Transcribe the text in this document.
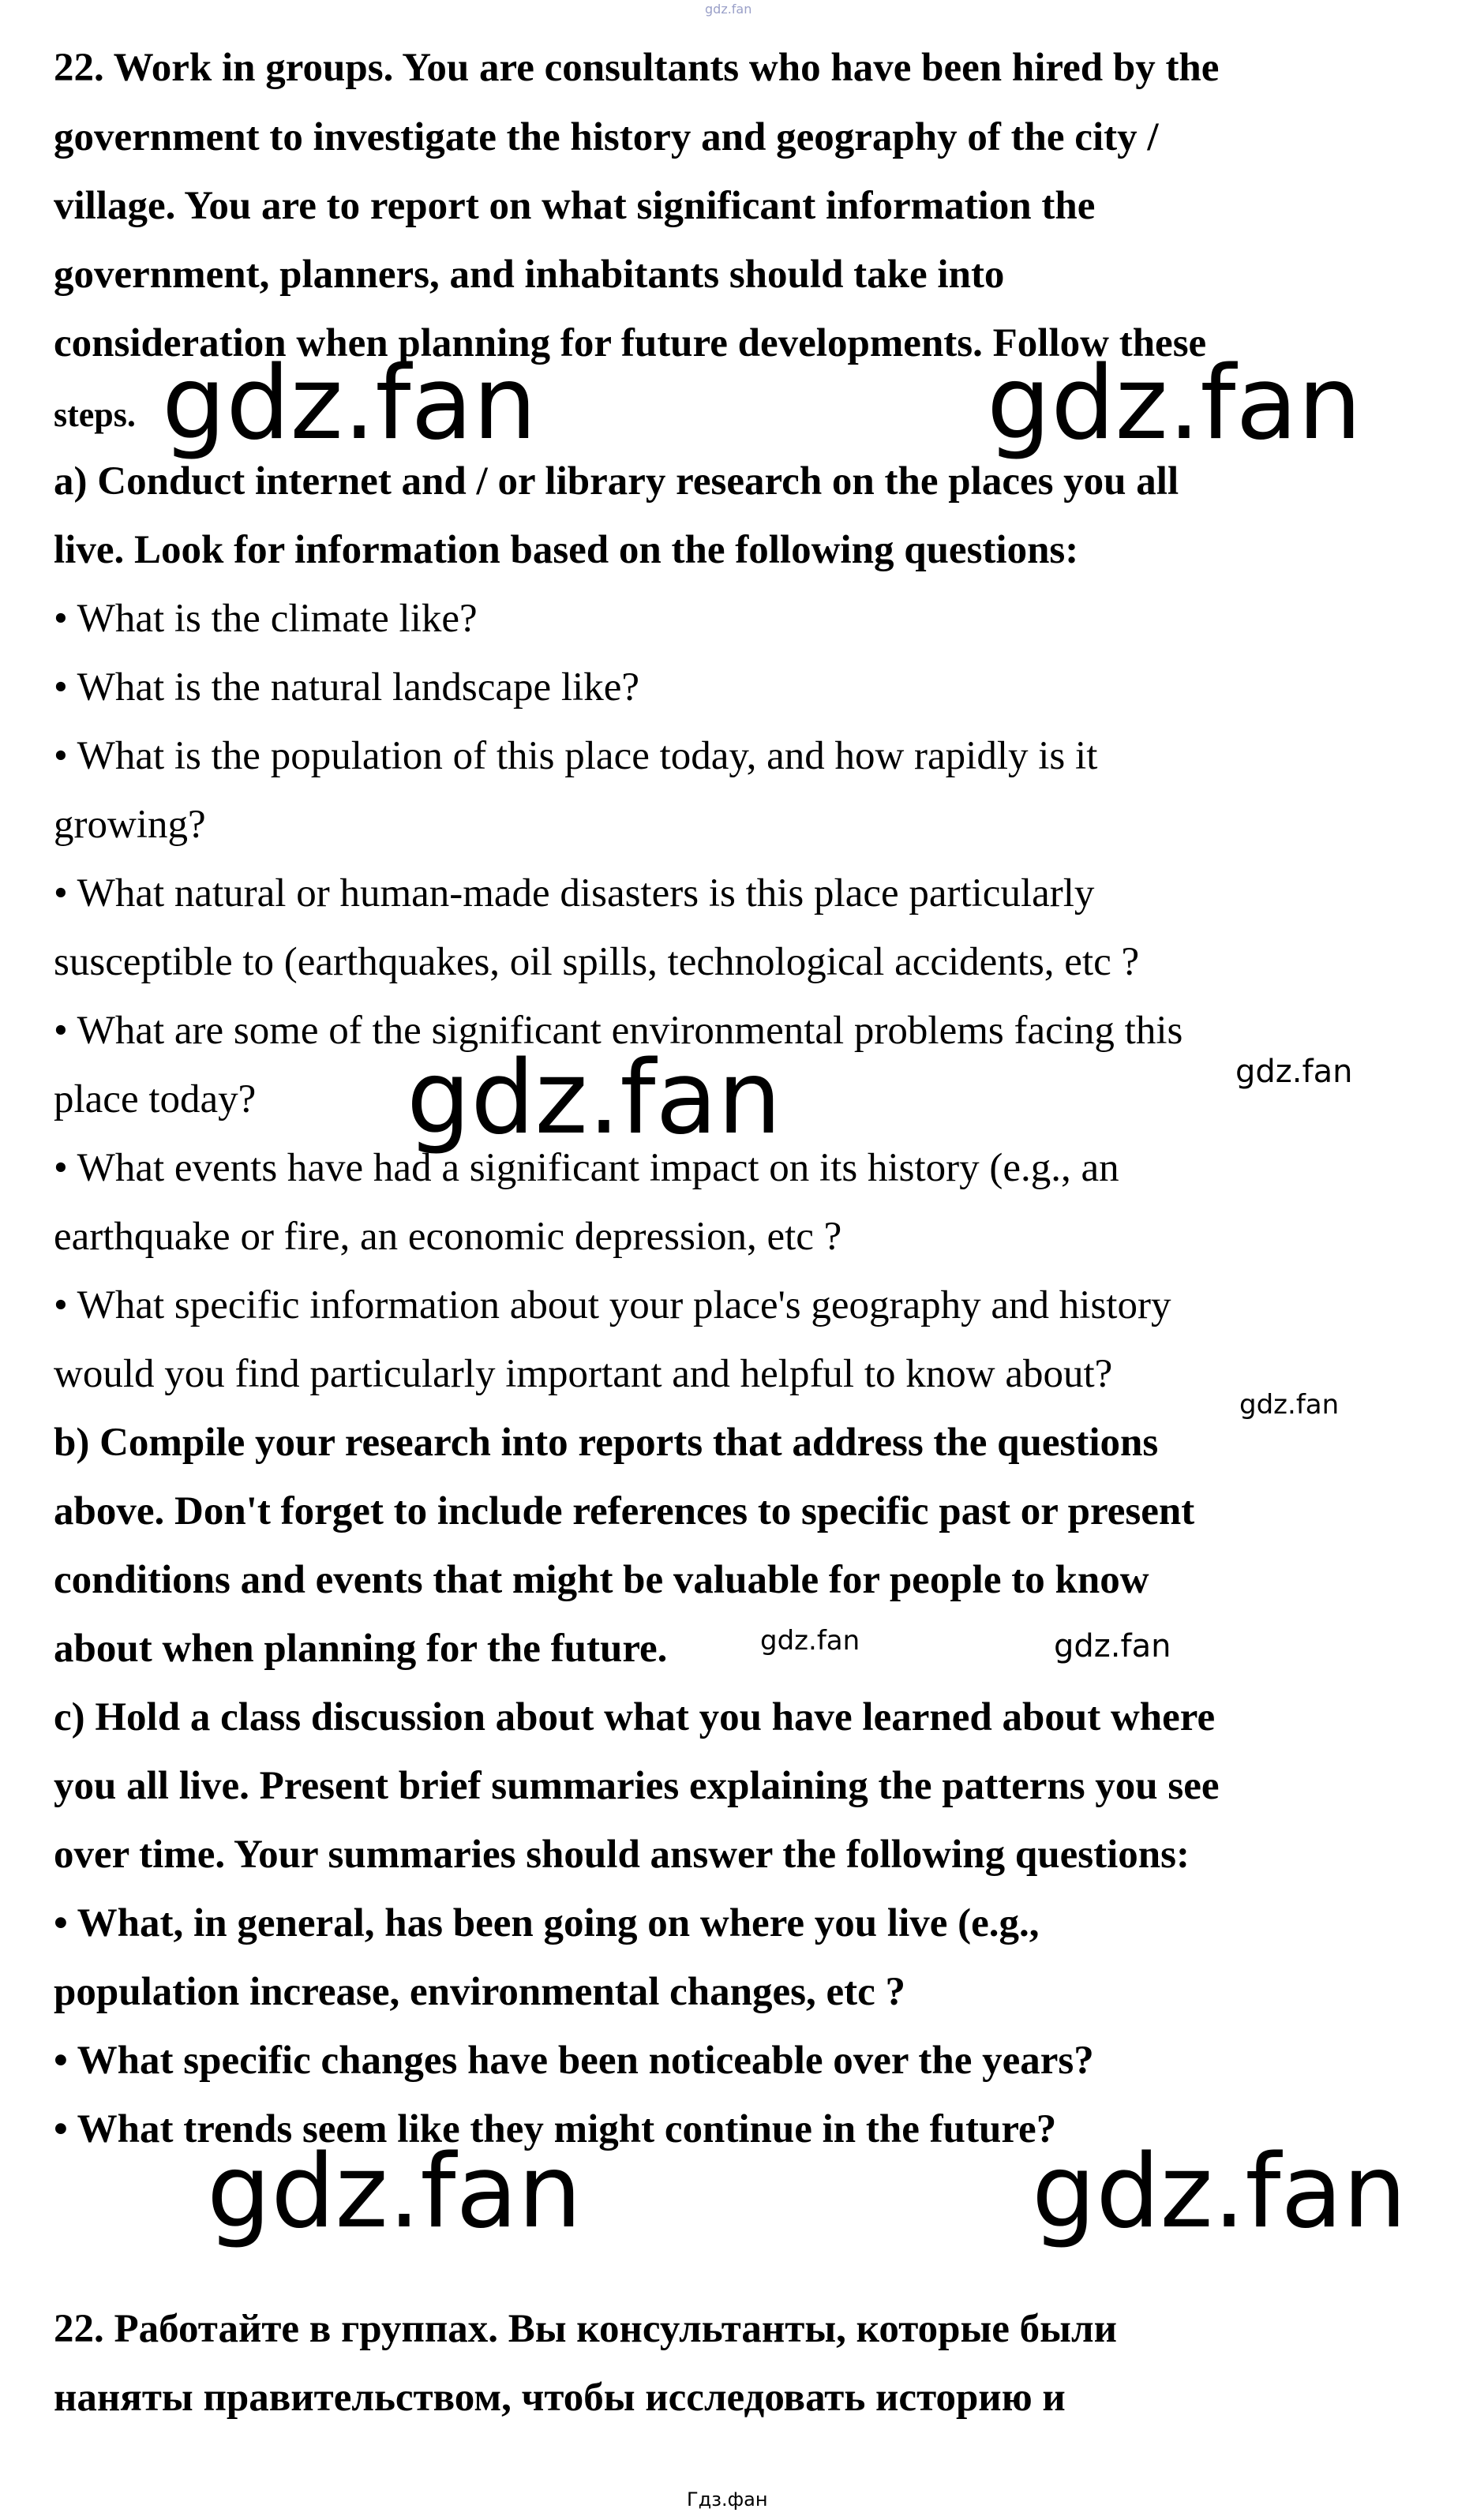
gdz.fan
22. Work in groups. You are consultants who have been hired by the
government to investigate the history and geography of the city /
village. You are to report on what significant information the
government, planners, and inhabitants should take into
consideration when planning for future developments. Follow these
steps.
a) Conduct internet and / or library research on the places you all
live. Look for information based on the following questions:
• What is the climate like?
• What is the natural landscape like?
• What is the population of this place today, and how rapidly is it
growing?
• What natural or human-made disasters is this place particularly
susceptible to (earthquakes, oil spills, technological accidents, etc ?
• What are some of the significant environmental problems facing this
place today?
• What events have had a significant impact on its history (e.g., an
earthquake or fire, an economic depression, etc ?
• What specific information about your place's geography and history
would you find particularly important and helpful to know about?
b) Compile your research into reports that address the questions
above. Don't forget to include references to specific past or present
conditions and events that might be valuable for people to know
about when planning for the future.
c) Hold a class discussion about what you have learned about where
you all live. Present brief summaries explaining the patterns you see
over time. Your summaries should answer the following questions:
• What, in general, has been going on where you live (e.g.,
population increase, environmental changes, etc ?
• What specific changes have been noticeable over the years?
• What trends seem like they might continue in the future?
22. Работайте в группах. Вы консультанты, которые были
наняты правительством, чтобы исследовать историю и
gdz.fan	gdz.fan
gdz.fan	gdz.fan
gdz.fan
gdz.fan	gdz.fan
gdz.fan	gdz.fan
Гдз.фан
